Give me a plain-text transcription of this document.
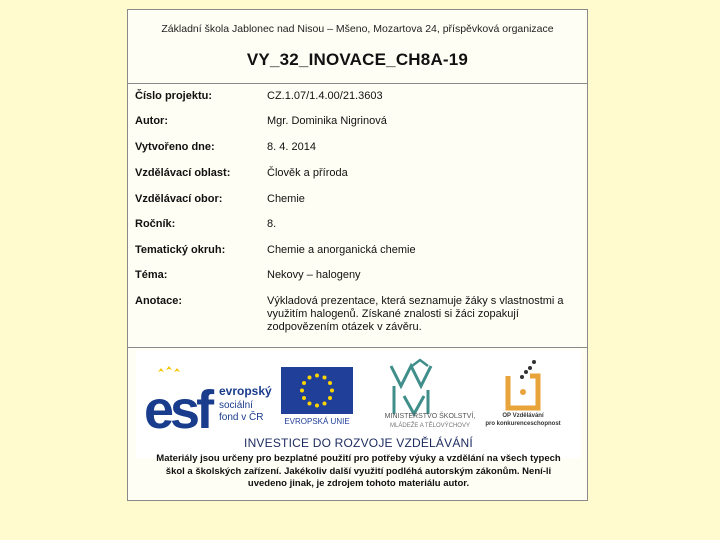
Základní škola Jablonec nad Nisou – Mšeno, Mozartova 24, příspěvková organizace
VY_32_INOVACE_CH8A-19
Číslo projektu:	CZ.1.07/1.4.00/21.3603
Autor:	Mgr. Dominika Nigrinová
Vytvořeno dne:	8. 4. 2014
Vzdělávací oblast:	Člověk a příroda
Vzdělávací obor:	Chemie
Ročník:	8.
Tematický okruh:	Chemie a anorganická chemie
Téma:	Nekovy – halogeny
Anotace:	Výkladová prezentace, která seznamuje žáky s vlastnostmi a využitím halogenů. Získané znalosti si žáci zopakují zodpovězením otázek v závěru.
esf evropský
sociální
fond v ČR	EVROPSKÁ UNIE
MINISTERSTVO ŠKOLSTVÍ,
MLÁDEŽE A TĚLOVÝCHOVY
OP Vzdělávání
pro konkurenceschopnost
INVESTICE DO ROZVOJE VZDĚLÁVÁNÍ
Materiály jsou určeny pro bezplatné použití pro potřeby výuky a vzdělání na všech typech
škol a školských zařízení. Jakékoliv další využití podléhá autorským zákonům. Není-li
uvedeno jinak, je zdrojem tohoto materiálu autor.
